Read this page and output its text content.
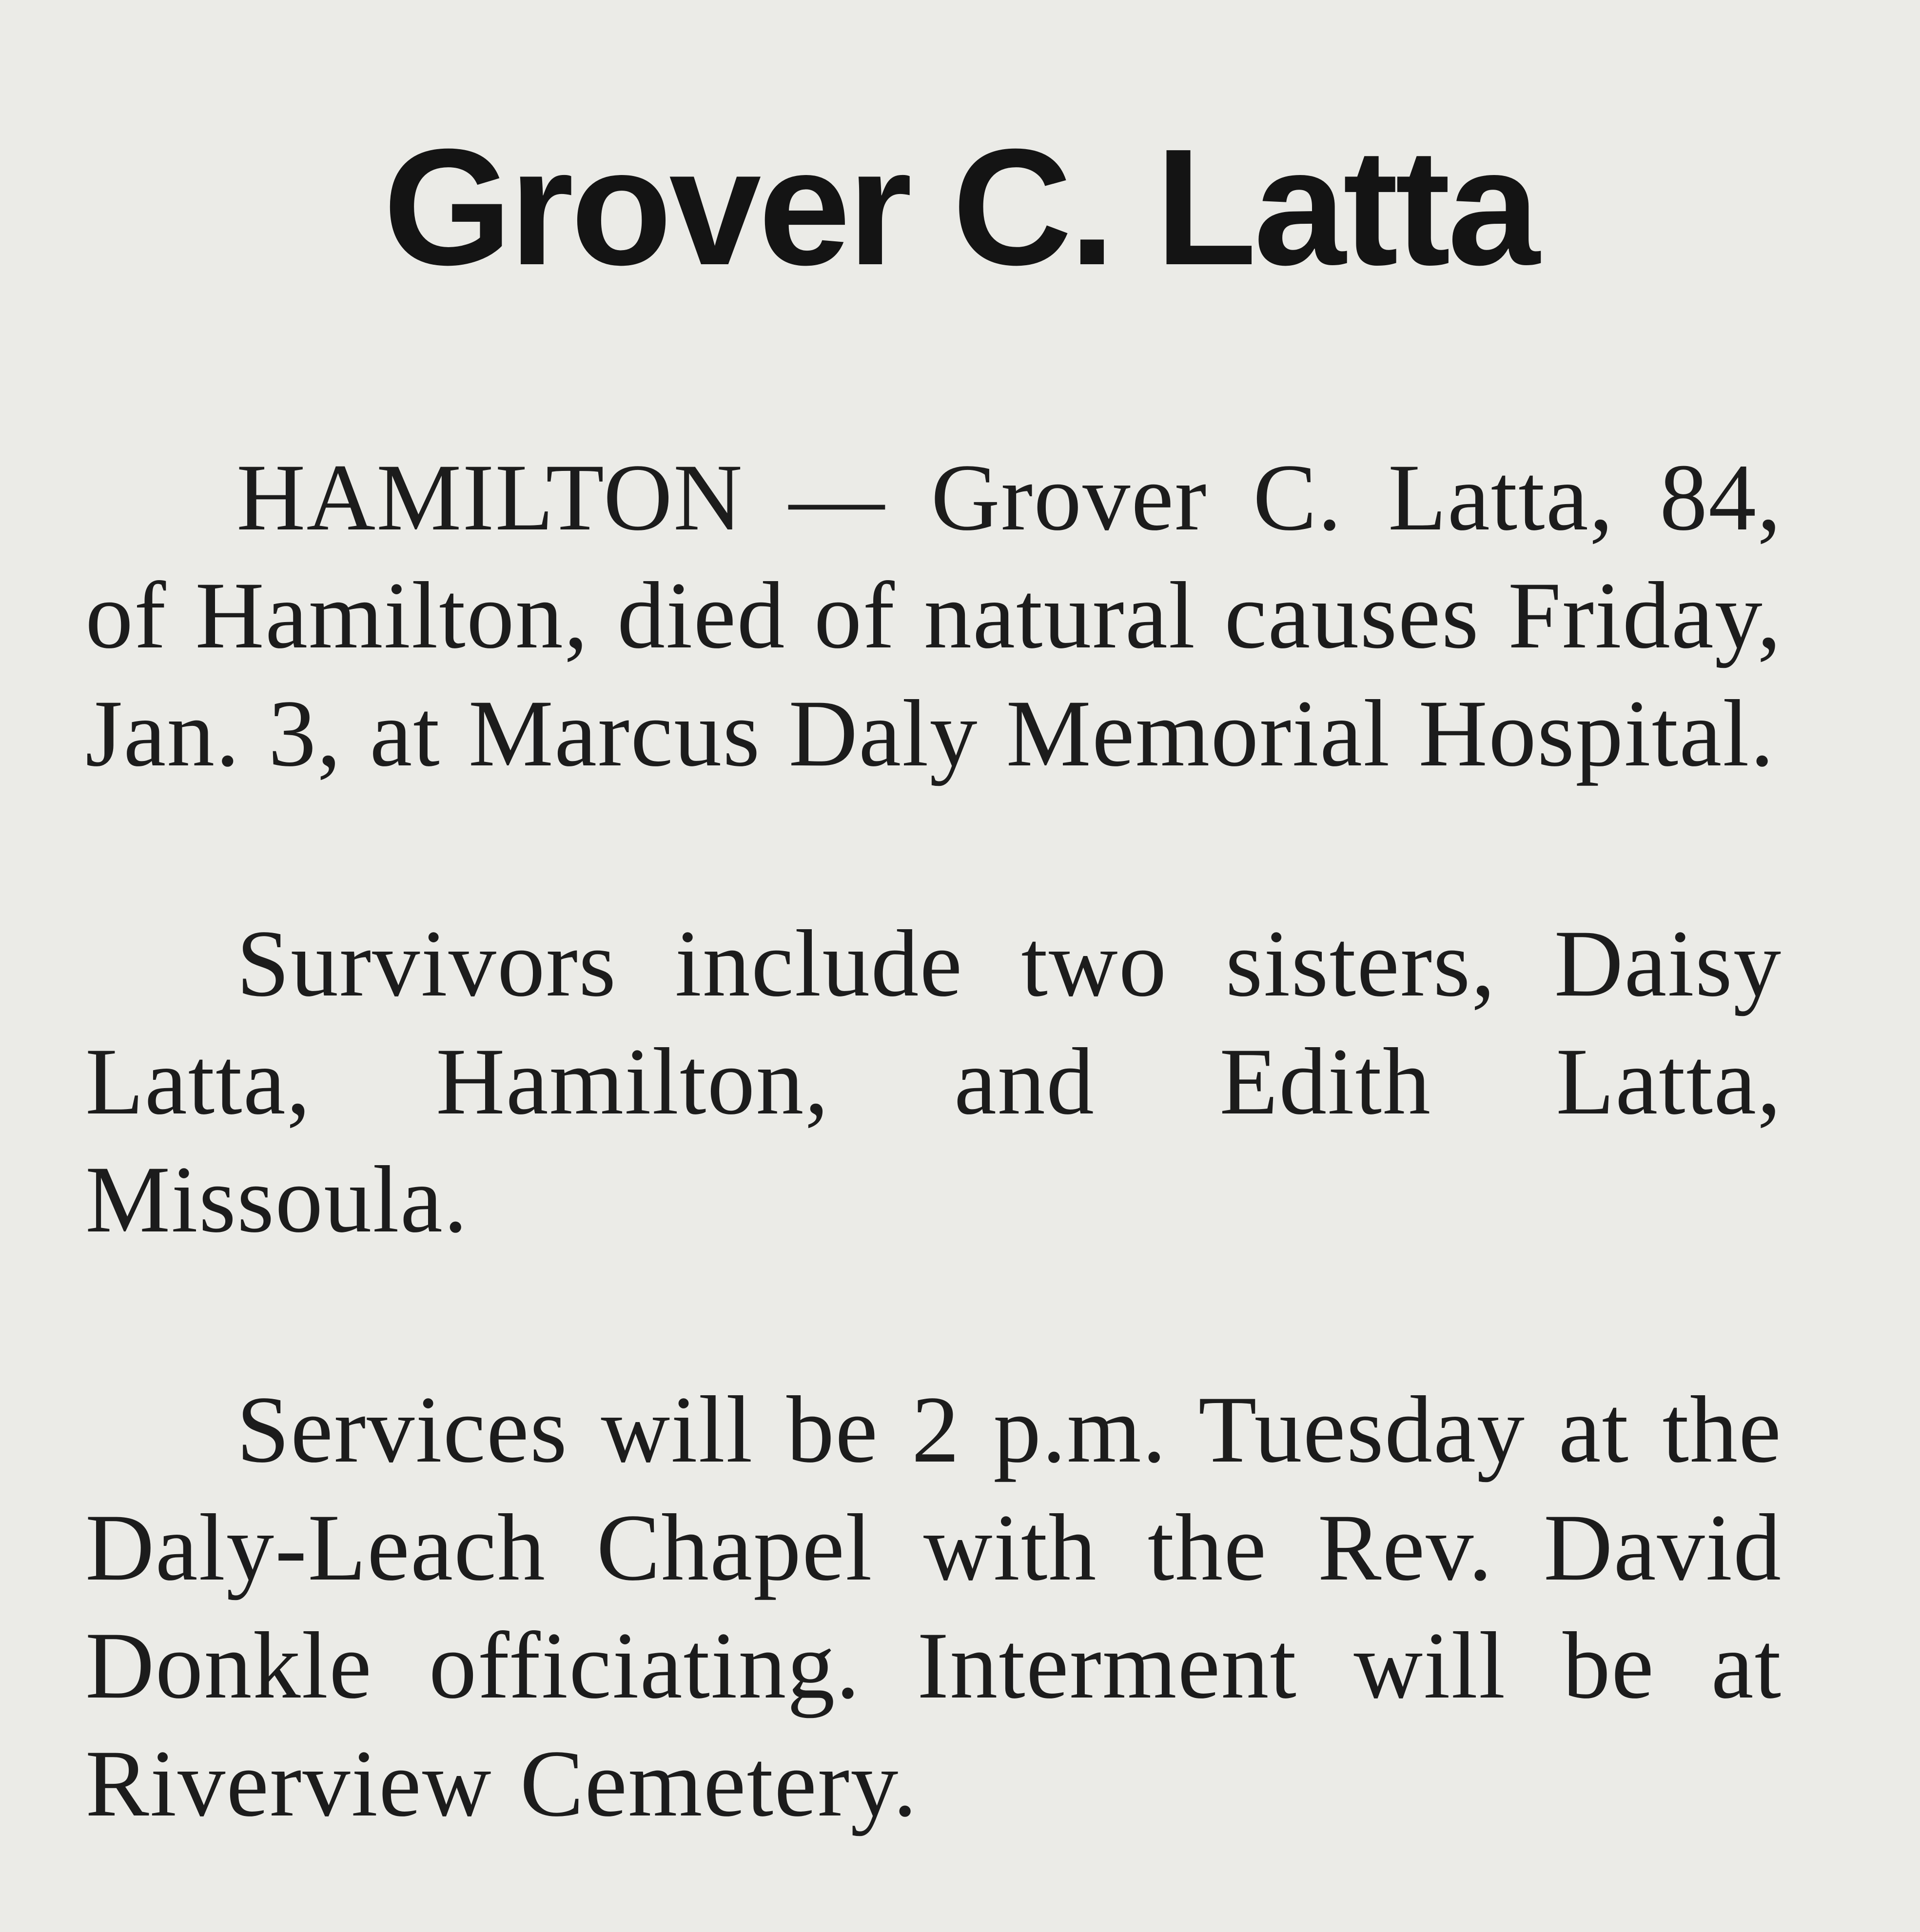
Grover C. Latta

HAMILTON — Grover C. Latta, 84, of Hamilton, died of natural causes Friday, Jan. 3, at Marcus Daly Memorial Hospital.

Survivors include two sisters, Daisy Latta, Hamilton, and Edith Latta, Missoula.

Services will be 2 p.m. Tuesday at the Daly-Leach Chapel with the Rev. David Donkle officiating. Interment will be at Riverview Cemetery.
